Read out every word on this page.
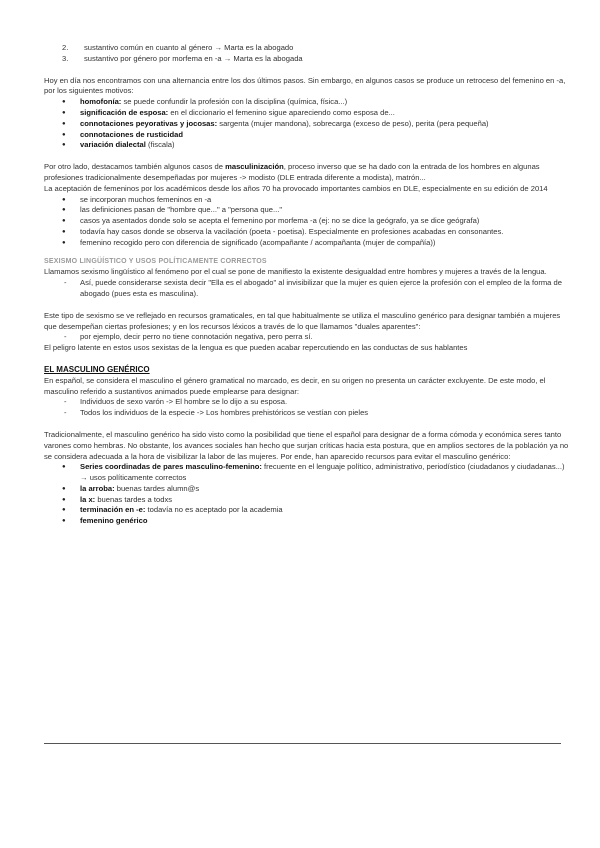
2.	sustantivo común en cuanto al género → Marta es la abogado
3.	sustantivo por género por morfema en -a → Marta es la abogada

Hoy en día nos encontramos con una alternancia entre los dos últimos pasos. Sin embargo, en algunos casos se produce un retroceso del femenino en -a, por los siguientes motivos:

● homofonía: se puede confundir la profesión con la disciplina (química, física...)
● significación de esposa: en el diccionario el femenino sigue apareciendo como esposa de...
● connotaciones peyorativas y jocosas: sargenta (mujer mandona), sobrecarga (exceso de peso), perita (pera pequeña)
● connotaciones de rusticidad
● variación dialectal (fiscala)

Por otro lado, destacamos también algunos casos de masculinización, proceso inverso que se ha dado con la entrada de los hombres en algunas profesiones tradicionalmente desempeñadas por mujeres -> modisto (DLE entrada diferente a modista), matrón...

La aceptación de femeninos por los académicos desde los años 70 ha provocado importantes cambios en DLE, especialmente en su edición de 2014

● se incorporan muchos femeninos en -a
● las definiciones pasan de "hombre que..." a "persona que..."
● casos ya asentados donde solo se acepta el femenino por morfema -a (ej: no se dice la geógrafo, ya se dice geógrafa)
● todavía hay casos donde se observa la vacilación (poeta - poetisa). Especialmente en profesiones acabadas en consonantes.
● femenino recogido pero con diferencia de significado (acompañante / acompañanta (mujer de compañía))

SEXISMO LINGÜÍSTICO Y USOS POLÍTICAMENTE CORRECTOS

Llamamos sexismo lingüístico al fenómeno por el cual se pone de manifiesto la existente desigualdad entre hombres y mujeres a través de la lengua.

- Así, puede considerarse sexista decir "Ella es el abogado" al invisibilizar que la mujer es quien ejerce la profesión con el empleo de la forma de abogado (pues esta es masculina).

Este tipo de sexismo se ve reflejado en recursos gramaticales, en tal que habitualmente se utiliza el masculino genérico para designar también a mujeres que desempeñan ciertas profesiones; y en los recursos léxicos a través de lo que llamamos "duales aparentes":

- por ejemplo, decir perro no tiene connotación negativa, pero perra sí.

El peligro latente en estos usos sexistas de la lengua es que pueden acabar repercutiendo en las conductas de sus hablantes

EL MASCULINO GENÉRICO

En español, se considera el masculino el género gramatical no marcado, es decir, en su origen no presenta un carácter excluyente. De este modo, el masculino referido a sustantivos animados puede emplearse para designar:

- Individuos de sexo varón -> El hombre se lo dijo a su esposa.
- Todos los individuos de la especie -> Los hombres prehistóricos se vestían con pieles

Tradicionalmente, el masculino genérico ha sido visto como la posibilidad que tiene el español para designar de a forma cómoda y económica seres tanto varones como hembras. No obstante, los avances sociales han hecho que surjan críticas hacia esta postura, que en amplios sectores de la población ya no se considera adecuada a la hora de visibilizar la labor de las mujeres. Por ende, han aparecido recursos para evitar el masculino genérico:

● Series coordinadas de pares masculino-femenino: frecuente en el lenguaje político, administrativo, periodístico (ciudadanos y ciudadanas...) → usos políticamente correctos
● la arroba: buenas tardes alumn@s
● la x: buenas tardes a todxs
● terminación en -e: todavía no es aceptado por la academia
● femenino genérico
